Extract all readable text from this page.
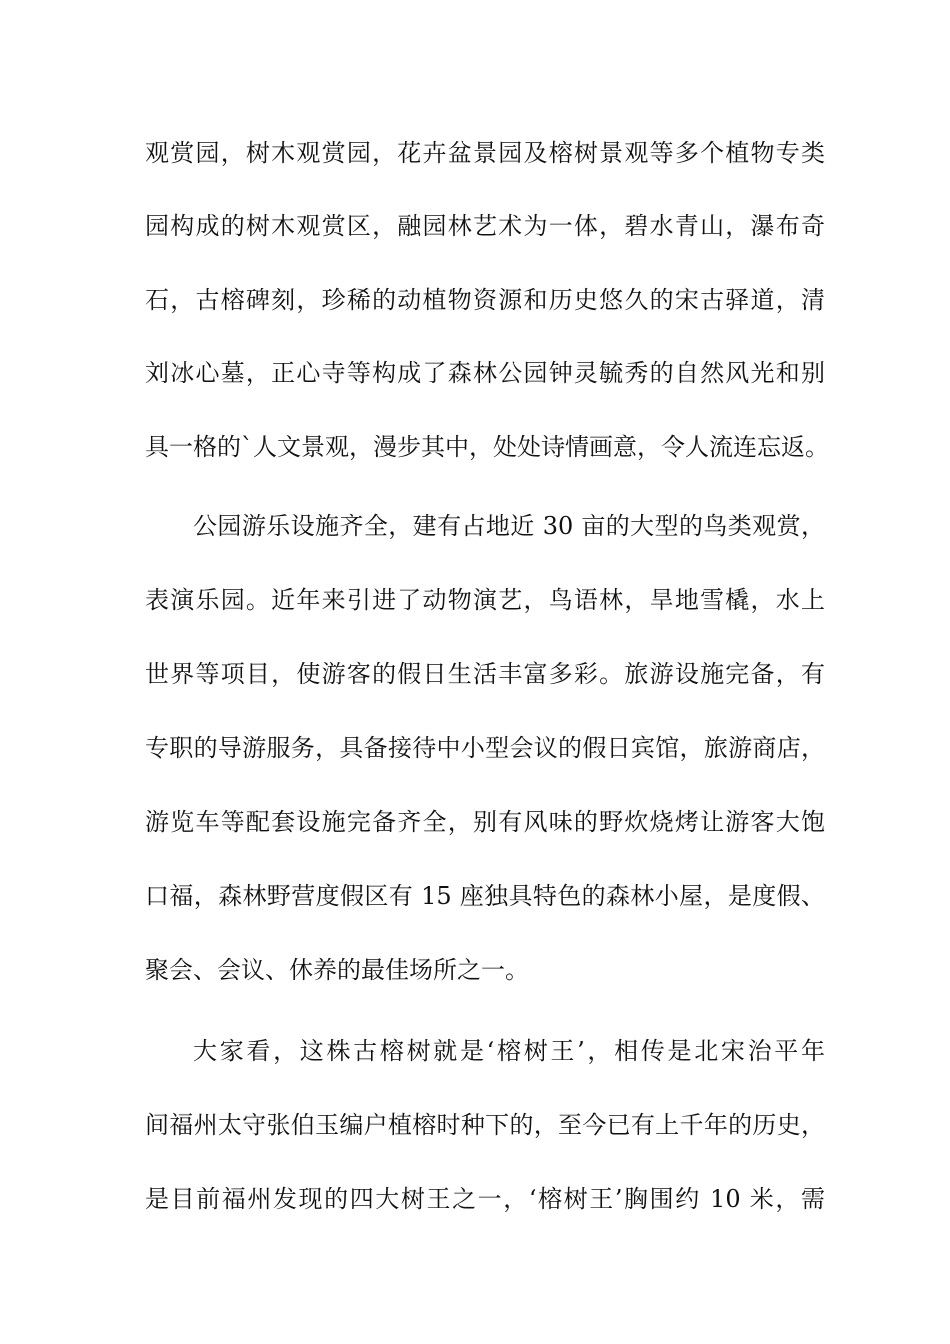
观赏园，树木观赏园，花卉盆景园及榕树景观等多个植物专类
园构成的树木观赏区，融园林艺术为一体，碧水青山，瀑布奇
石，古榕碑刻，珍稀的动植物资源和历史悠久的宋古驿道，清
刘冰心墓，正心寺等构成了森林公园钟灵毓秀的自然风光和别
具一格的`人文景观，漫步其中，处处诗情画意，令人流连忘返。
公园游乐设施齐全，建有占地近 30 亩的大型的鸟类观赏，
表演乐园。近年来引进了动物演艺，鸟语林，旱地雪橇，水上
世界等项目，使游客的假日生活丰富多彩。旅游设施完备，有
专职的导游服务，具备接待中小型会议的假日宾馆，旅游商店，
游览车等配套设施完备齐全，别有风味的野炊烧烤让游客大饱
口福，森林野营度假区有 15 座独具特色的森林小屋，是度假、
聚会、会议、休养的最佳场所之一。
大家看，这株古榕树就是‘榕树王’，相传是北宋治平年
间福州太守张伯玉编户植榕时种下的，至今已有上千年的历史，
是目前福州发现的四大树王之一，‘榕树王’胸围约 10 米，需
